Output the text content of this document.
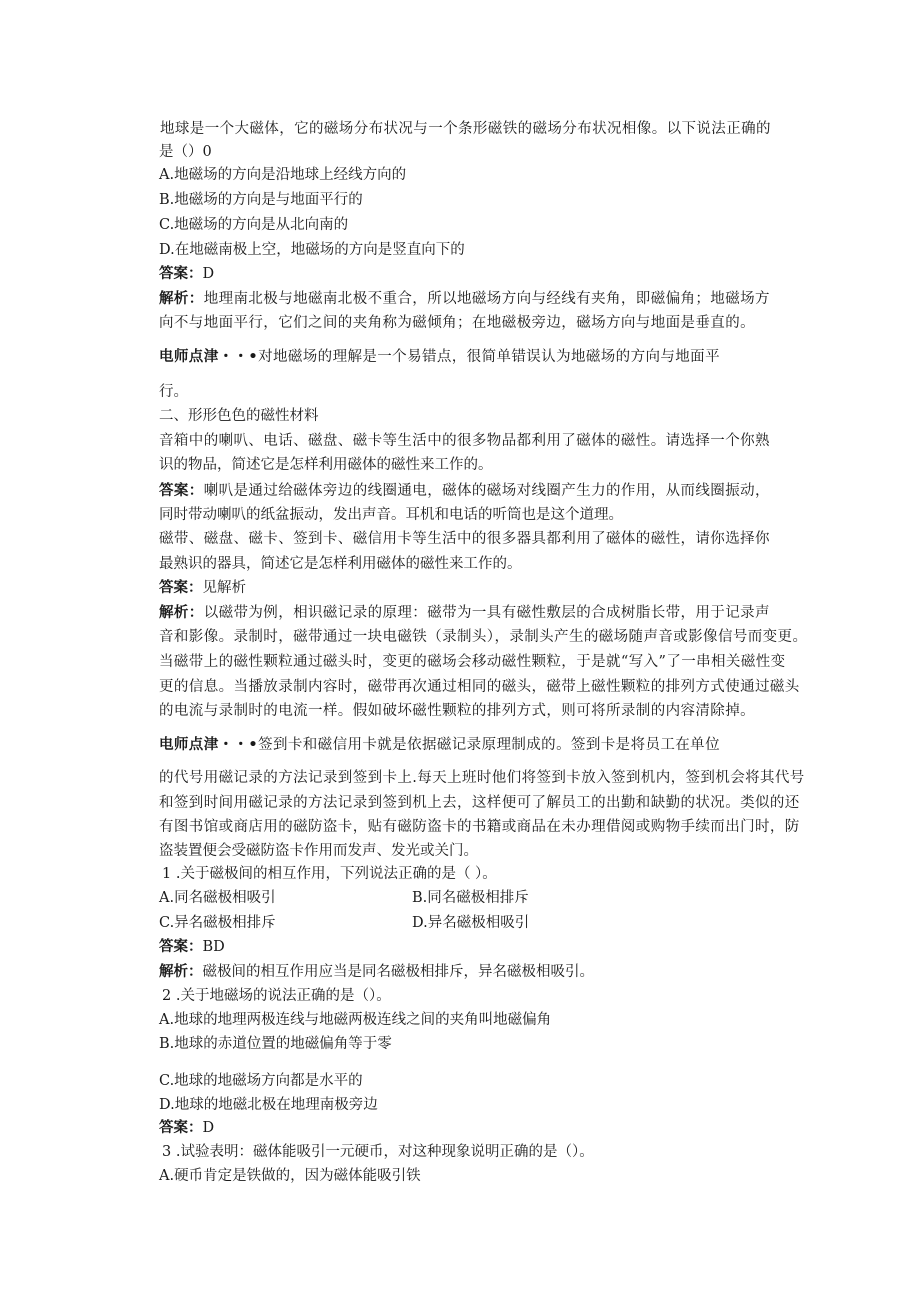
地球是一个大磁体，它的磁场分布状况与一个条形磁铁的磁场分布状况相像。以下说法正确的
是（）0
A.地磁场的方向是沿地球上经线方向的
B.地磁场的方向是与地面平行的
C.地磁场的方向是从北向南的
D.在地磁南极上空，地磁场的方向是竖直向下的
答案：D
解析：地理南北极与地磁南北极不重合，所以地磁场方向与经线有夹角，即磁偏角；地磁场方
向不与地面平行，它们之间的夹角称为磁倾角；在地磁极旁边，磁场方向与地面是垂直的。
电师点津・・•对地磁场的理解是一个易错点，很简单错误认为地磁场的方向与地面平
行。
二、形形色色的磁性材料
音箱中的喇叭、电话、磁盘、磁卡等生活中的很多物品都利用了磁体的磁性。请选择一个你熟
识的物品，简述它是怎样利用磁体的磁性来工作的。
答案：喇叭是通过给磁体旁边的线圈通电，磁体的磁场对线圈产生力的作用，从而线圈振动，
同时带动喇叭的纸盆振动，发出声音。耳机和电话的听筒也是这个道理。
磁带、磁盘、磁卡、签到卡、磁信用卡等生活中的很多器具都利用了磁体的磁性，请你选择你
最熟识的器具，简述它是怎样利用磁体的磁性来工作的。
答案：见解析
解析：以磁带为例，相识磁记录的原理：磁带为一具有磁性敷层的合成树脂长带，用于记录声
音和影像。录制时，磁带通过一块电磁铁（录制头），录制头产生的磁场随声音或影像信号而变更。
当磁带上的磁性颗粒通过磁头时，变更的磁场会移动磁性颗粒，于是就“写入”了一串相关磁性变
更的信息。当播放录制内容时，磁带再次通过相同的磁头，磁带上磁性颗粒的排列方式使通过磁头
的电流与录制时的电流一样。假如破坏磁性颗粒的排列方式，则可将所录制的内容清除掉。
电师点津・・•签到卡和磁信用卡就是依据磁记录原理制成的。签到卡是将员工在单位
的代号用磁记录的方法记录到签到卡上.每天上班时他们将签到卡放入签到机内，签到机会将其代号
和签到时间用磁记录的方法记录到签到机上去，这样便可了解员工的出勤和缺勤的状况。类似的还
有图书馆或商店用的磁防盗卡，贴有磁防盗卡的书籍或商品在未办理借阅或购物手续而出门时，防
盗装置便会受磁防盗卡作用而发声、发光或关门。
1 .关于磁极间的相互作用，下列说法正确的是（ ）。
A.同名磁极相吸引	B.同名磁极相排斥
C.异名磁极相排斥	D.异名磁极相吸引
答案：BD
解析：磁极间的相互作用应当是同名磁极相排斥，异名磁极相吸引。
2 .关于地磁场的说法正确的是（）。
A.地球的地理两极连线与地磁两极连线之间的夹角叫地磁偏角
B.地球的赤道位置的地磁偏角等于零
C.地球的地磁场方向都是水平的
D.地球的地磁北极在地理南极旁边
答案：D
3 .试验表明：磁体能吸引一元硬币，对这种现象说明正确的是（）。
A.硬币肯定是铁做的，因为磁体能吸引铁
